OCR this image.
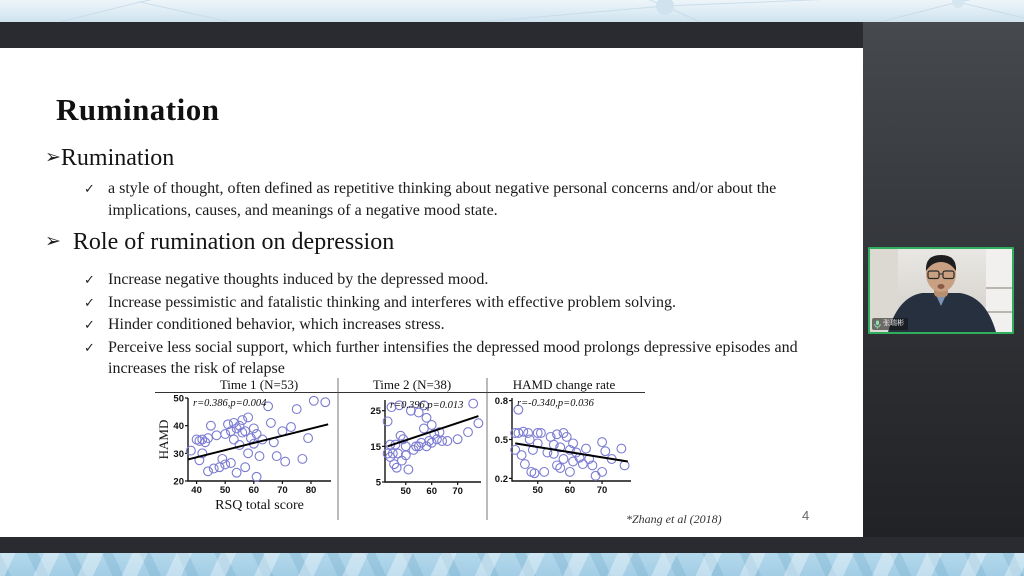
Rumination
➢ Rumination
✓ a style of thought, often defined as repetitive thinking about negative personal concerns and/or about the implications, causes, and meanings of a negative mood state.
➢ Role of rumination on depression
✓ Increase negative thoughts induced by the depressed mood.
✓ Increase pessimistic and fatalistic thinking and interferes with effective problem solving.
✓ Hinder conditioned behavior, which increases stress.
✓ Perceive less social support, which further intensifies the depressed mood prolongs depressive episodes and increases the risk of relapse
Time 1 (N=53)
20
30
40
50
40 50 60 70 80
r=0.386,p=0.004
HAMD
RSQ total score
Time 2 (N=38)
5
15
25
50 60 70
r=0.396,p=0.013
HAMD change rate
0.2
0.5
0.8
50 60 70
r=-0.340,p=0.036
*Zhang et al (2018)	4
张瑞彬
